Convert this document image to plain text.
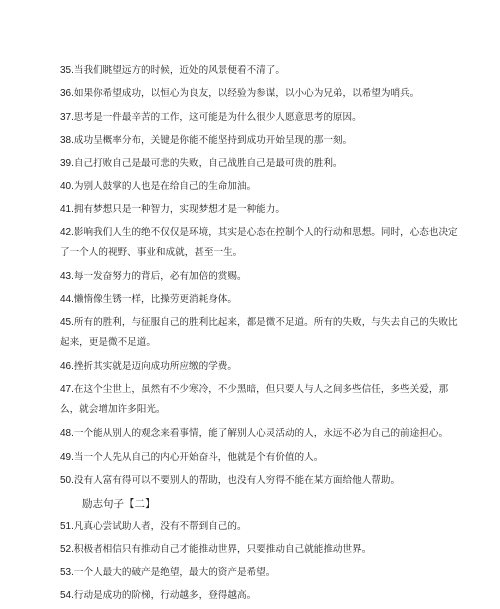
35.当我们眺望远方的时候，近处的风景便看不清了。

36.如果你希望成功，以恒心为良友，以经验为参谋，以小心为兄弟，以希望为哨兵。

37.思考是一件最辛苦的工作，这可能是为什么很少人愿意思考的原因。

38.成功呈概率分布，关键是你能不能坚持到成功开始呈现的那一刻。

39.自己打败自己是最可悲的失败，自己战胜自己是最可贵的胜利。

40.为别人鼓掌的人也是在给自己的生命加油。

41.拥有梦想只是一种智力，实现梦想才是一种能力。

42.影响我们人生的绝不仅仅是环境，其实是心态在控制个人的行动和思想。同时，心态也决定了一个人的视野、事业和成就，甚至一生。

43.每一发奋努力的背后，必有加倍的赏赐。

44.懒惰像生锈一样，比操劳更消耗身体。

45.所有的胜利，与征服自己的胜利比起来，都是微不足道。所有的失败，与失去自己的失败比起来，更是微不足道。

46.挫折其实就是迈向成功所应缴的学费。

47.在这个尘世上，虽然有不少寒冷，不少黑暗，但只要人与人之间多些信任，多些关爱，那么，就会增加许多阳光。

48.一个能从别人的观念来看事情，能了解别人心灵活动的人，永远不必为自己的前途担心。

49.当一个人先从自己的内心开始奋斗，他就是个有价值的人。

50.没有人富有得可以不要别人的帮助，也没有人穷得不能在某方面给他人帮助。

励志句子【二】

51.凡真心尝试助人者，没有不帮到自己的。

52.积极者相信只有推动自己才能推动世界，只要推动自己就能推动世界。

53.一个人最大的破产是绝望，最大的资产是希望。

54.行动是成功的阶梯，行动越多，登得越高。
